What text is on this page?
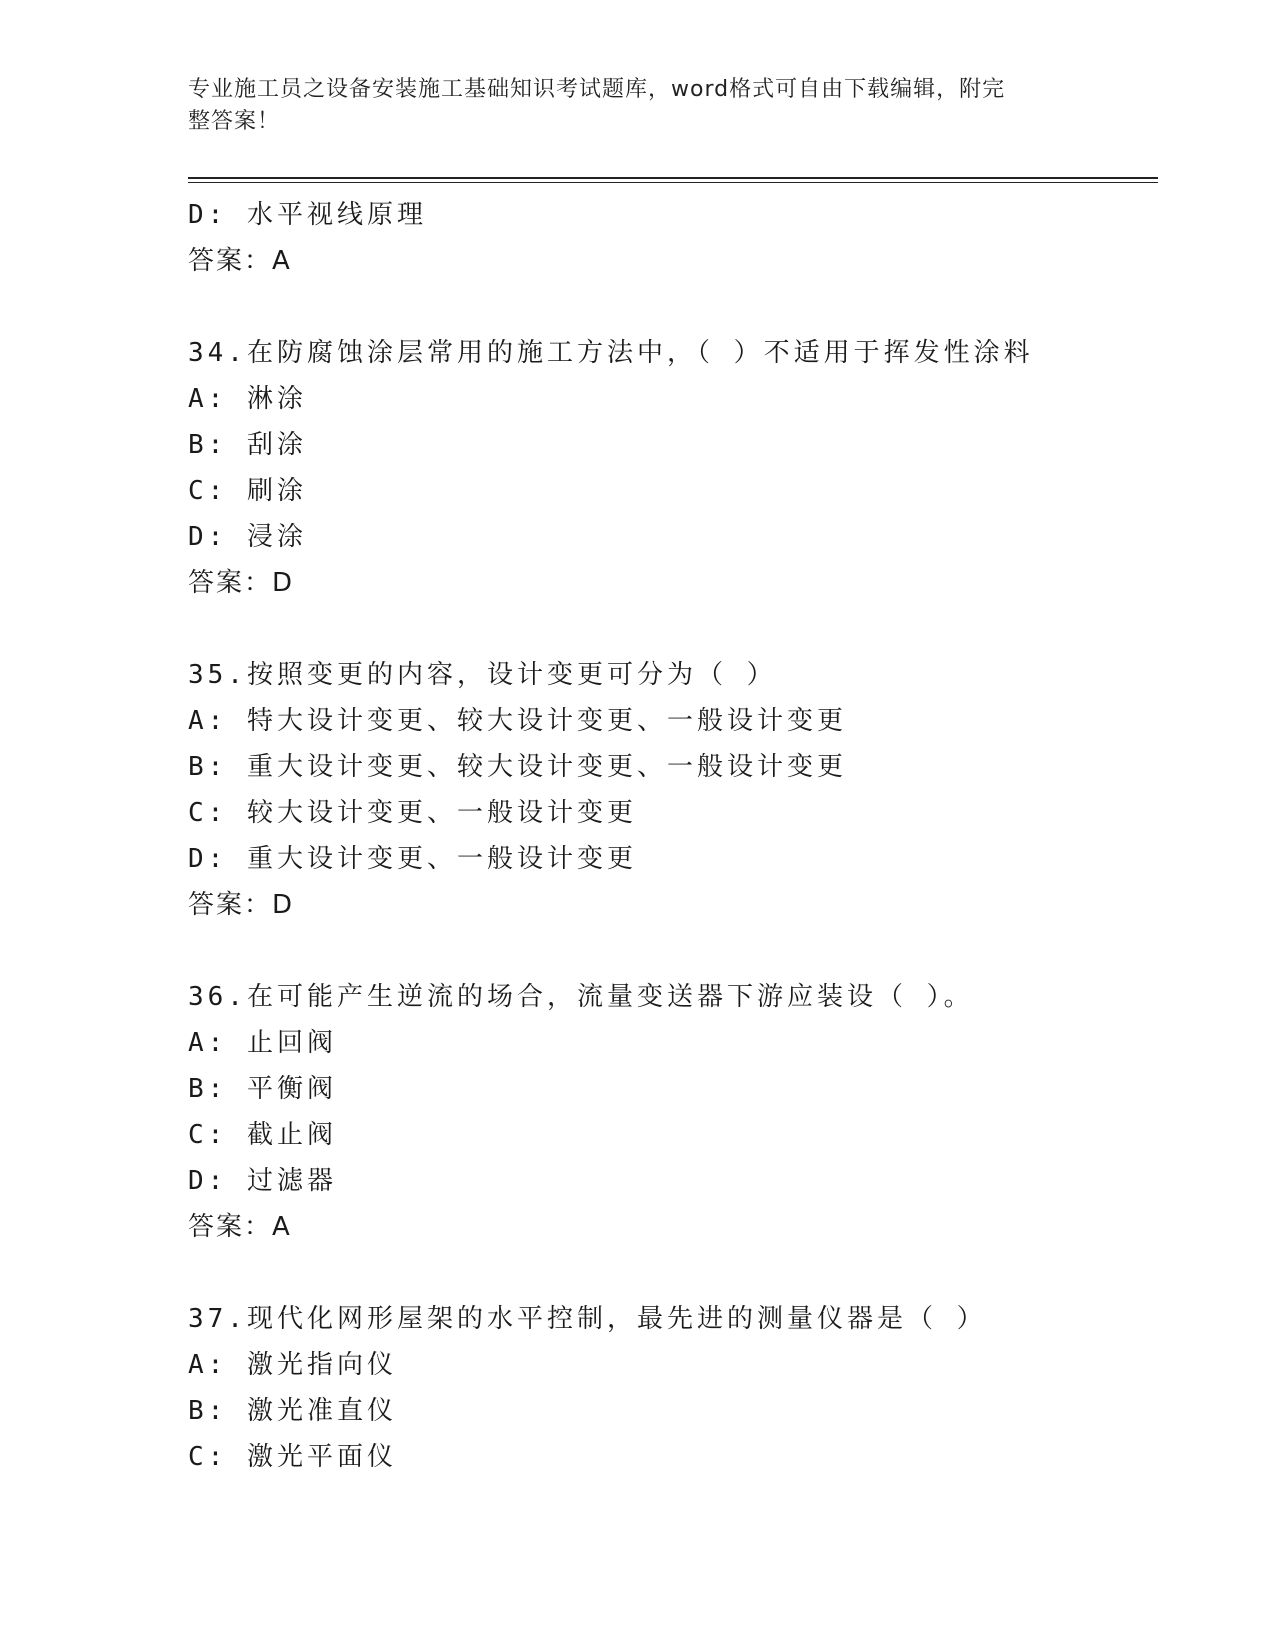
专业施工员之设备安装施工基础知识考试题库，word格式可自由下载编辑，附完
整答案！
D: 水平视线原理
答案：A
34.在防腐蚀涂层常用的施工方法中，（ ）不适用于挥发性涂料
A: 淋涂
B: 刮涂
C: 刷涂
D: 浸涂
答案：D
35.按照变更的内容，设计变更可分为（ ）
A: 特大设计变更、较大设计变更、一般设计变更
B: 重大设计变更、较大设计变更、一般设计变更
C: 较大设计变更、一般设计变更
D: 重大设计变更、一般设计变更
答案：D
36.在可能产生逆流的场合，流量变送器下游应装设（ ）。
A: 止回阀
B: 平衡阀
C: 截止阀
D: 过滤器
答案：A
37.现代化网形屋架的水平控制，最先进的测量仪器是（ ）
A: 激光指向仪
B: 激光准直仪
C: 激光平面仪
